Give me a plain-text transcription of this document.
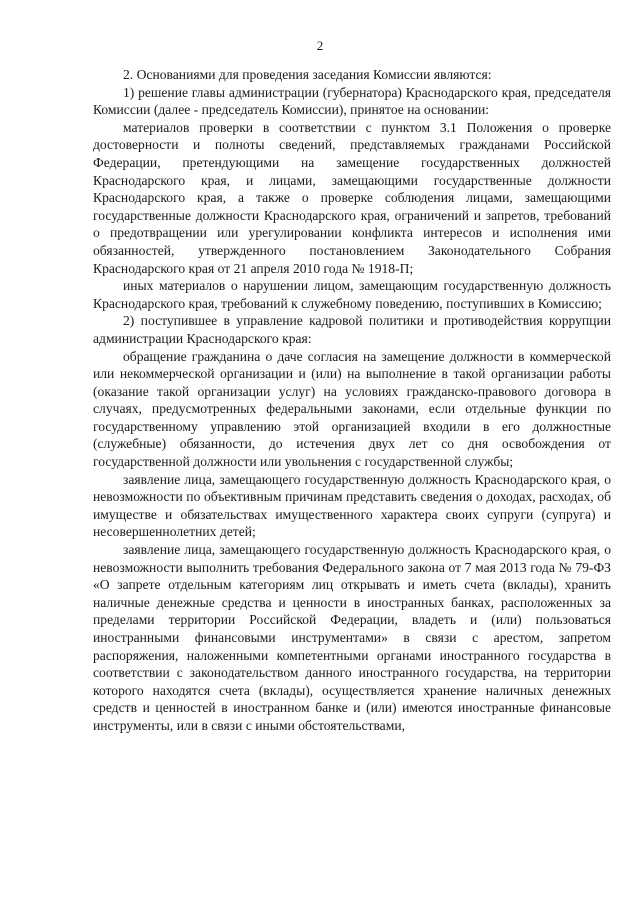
2

2. Основаниями для проведения заседания Комиссии являются:

1) решение главы администрации (губернатора) Краснодарского края, председателя Комиссии (далее - председатель Комиссии), принятое на основании:

материалов проверки в соответствии с пунктом 3.1 Положения о проверке достоверности и полноты сведений, представляемых гражданами Российской Федерации, претендующими на замещение государственных должностей Краснодарского края, и лицами, замещающими государственные должности Краснодарского края, а также о проверке соблюдения лицами, замещающими государственные должности Краснодарского края, ограничений и запретов, требований о предотвращении или урегулировании конфликта интересов и исполнения ими обязанностей, утвержденного постановлением Законодательного Собрания Краснодарского края от 21 апреля 2010 года № 1918-П;

иных материалов о нарушении лицом, замещающим государственную должность Краснодарского края, требований к служебному поведению, поступивших в Комиссию;

2) поступившее в управление кадровой политики и противодействия коррупции администрации Краснодарского края:

обращение гражданина о даче согласия на замещение должности в коммерческой или некоммерческой организации и (или) на выполнение в такой организации работы (оказание такой организации услуг) на условиях гражданско-правового договора в случаях, предусмотренных федеральными законами, если отдельные функции по государственному управлению этой организацией входили в его должностные (служебные) обязанности, до истечения двух лет со дня освобождения от государственной должности или увольнения с государственной службы;

заявление лица, замещающего государственную должность Краснодарского края, о невозможности по объективным причинам представить сведения о доходах, расходах, об имуществе и обязательствах имущественного характера своих супруги (супруга) и несовершеннолетних детей;

заявление лица, замещающего государственную должность Краснодарского края, о невозможности выполнить требования Федерального закона от 7 мая 2013 года № 79-ФЗ «О запрете отдельным категориям лиц открывать и иметь счета (вклады), хранить наличные денежные средства и ценности в иностранных банках, расположенных за пределами территории Российской Федерации, владеть и (или) пользоваться иностранными финансовыми инструментами» в связи с арестом, запретом распоряжения, наложенными компетентными органами иностранного государства в соответствии с законодательством данного иностранного государства, на территории которого находятся счета (вклады), осуществляется хранение наличных денежных средств и ценностей в иностранном банке и (или) имеются иностранные финансовые инструменты, или в связи с иными обстоятельствами,
